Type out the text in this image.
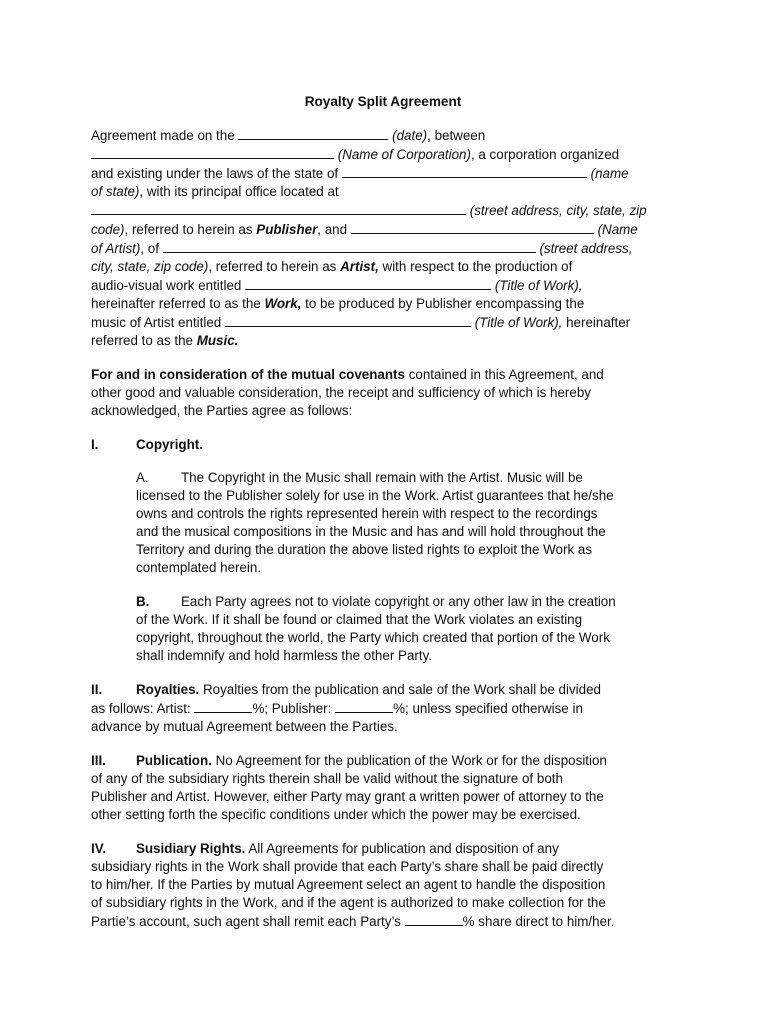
Royalty Split Agreement

Agreement made on the	(date), between
(Name of Corporation), a corporation organized
and existing under the laws of the state of	(name
of state), with its principal office located at
(street address, city, state, zip
code), referred to herein as Publisher, and	(Name
of Artist), of	(street address,
city, state, zip code), referred to herein as Artist, with respect to the production of
audio-visual work entitled	(Title of Work),
hereinafter referred to as the Work, to be produced by Publisher encompassing the
music of Artist entitled	(Title of Work), hereinafter
referred to as the Music.

For and in consideration of the mutual covenants contained in this Agreement, and
other good and valuable consideration, the receipt and sufficiency of which is hereby
acknowledged, the Parties agree as follows:

I.	Copyright.

A. The Copyright in the Music shall remain with the Artist. Music will be
licensed to the Publisher solely for use in the Work. Artist guarantees that he/she
owns and controls the rights represented herein with respect to the recordings
and the musical compositions in the Music and has and will hold throughout the
Territory and during the duration the above listed rights to exploit the Work as
contemplated herein.

B. Each Party agrees not to violate copyright or any other law in the creation
of the Work. If it shall be found or claimed that the Work violates an existing
copyright, throughout the world, the Party which created that portion of the Work
shall indemnify and hold harmless the other Party.

II.	Royalties. Royalties from the publication and sale of the Work shall be divided
as follows: Artist:	%; Publisher:	%; unless specified otherwise in
advance by mutual Agreement between the Parties.

III. Publication. No Agreement for the publication of the Work or for the disposition
of any of the subsidiary rights therein shall be valid without the signature of both
Publisher and Artist. However, either Party may grant a written power of attorney to the
other setting forth the specific conditions under which the power may be exercised.

IV. Susidiary Rights. All Agreements for publication and disposition of any
subsidiary rights in the Work shall provide that each Party’s share shall be paid directly
to him/her. If the Parties by mutual Agreement select an agent to handle the disposition
of subsidiary rights in the Work, and if the agent is authorized to make collection for the
Partie’s account, such agent shall remit each Party’s	% share direct to him/her.
